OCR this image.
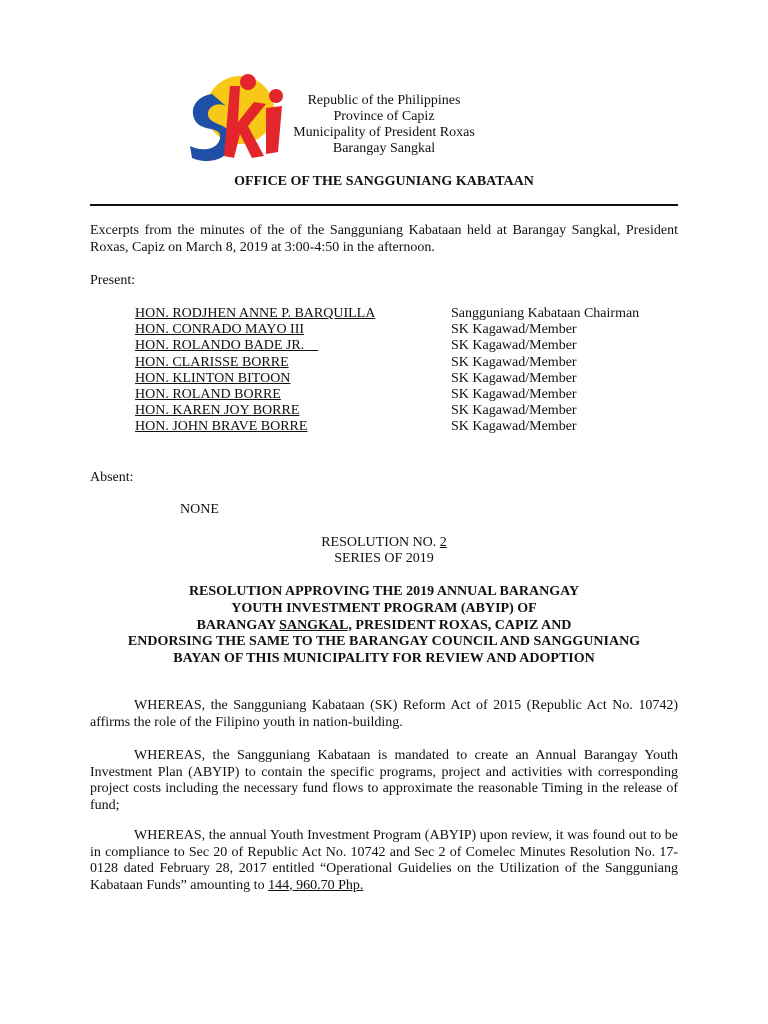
Republic of the Philippines
Province of Capiz
Municipality of President Roxas
Barangay Sangkal
OFFICE OF THE SANGGUNIANG KABATAAN
Excerpts from the minutes of the of the Sangguniang Kabataan held at Barangay Sangkal, President Roxas, Capiz on March 8, 2019 at 3:00-4:50 in the afternoon.
Present:
HON. RODJHEN ANNE P. BARQUILLA	Sangguniang Kabataan Chairman
HON. CONRADO MAYO III	SK Kagawad/Member
HON. ROLANDO BADE JR.	SK Kagawad/Member
HON. CLARISSE BORRE	SK Kagawad/Member
HON. KLINTON BITOON	SK Kagawad/Member
HON. ROLAND BORRE	SK Kagawad/Member
HON. KAREN JOY BORRE	SK Kagawad/Member
HON. JOHN BRAVE BORRE	SK Kagawad/Member
Absent:
NONE
RESOLUTION NO. 2
SERIES OF 2019
RESOLUTION APPROVING THE 2019 ANNUAL BARANGAY
YOUTH INVESTMENT PROGRAM (ABYIP) OF
BARANGAY SANGKAL, PRESIDENT ROXAS, CAPIZ AND
ENDORSING THE SAME TO THE BARANGAY COUNCIL AND SANGGUNIANG
BAYAN OF THIS MUNICIPALITY FOR REVIEW AND ADOPTION
WHEREAS, the Sangguniang Kabataan (SK) Reform Act of 2015 (Republic Act No. 10742) affirms the role of the Filipino youth in nation-building.
WHEREAS, the Sangguniang Kabataan is mandated to create an Annual Barangay Youth Investment Plan (ABYIP) to contain the specific programs, project and activities with corresponding project costs including the necessary fund flows to approximate the reasonable Timing in the release of fund;
WHEREAS, the annual Youth Investment Program (ABYIP) upon review, it was found out to be in compliance to Sec 20 of Republic Act No. 10742 and Sec 2 of Comelec Minutes Resolution No. 17-0128 dated February 28, 2017 entitled “Operational Guidelies on the Utilization of the Sangguniang Kabataan Funds” amounting to 144, 960.70 Php.
